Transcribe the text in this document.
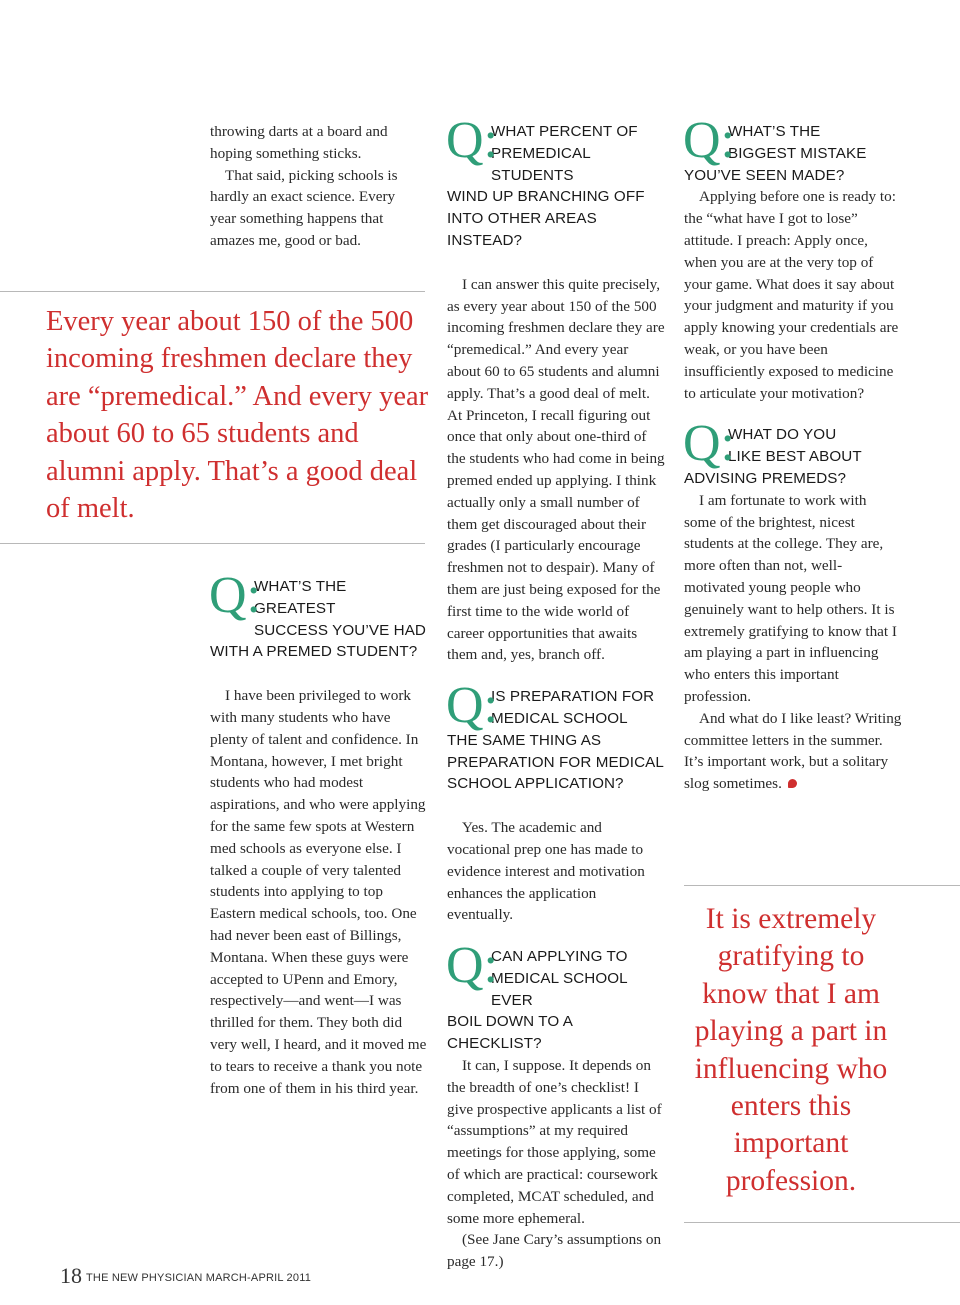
throwing darts at a board and hoping something sticks.

That said, picking schools is hardly an exact science. Every year something happens that amazes me, good or bad.

Every year about 150 of the 500 incoming freshmen declare they are “premedical.” And every year about 60 to 65 students and alumni apply. That’s a good deal of melt.
Q:
WHAT’S THE GREATEST
SUCCESS YOU’VE HAD
WITH A PREMED STUDENT?

I have been privileged to work with many students who have plenty of talent and confidence. In Montana, however, I met bright students who had modest aspirations, and who were applying for the same few spots at Western med schools as everyone else. I talked a couple of very talented students into applying to top Eastern medical schools, too. One had never been east of Billings, Montana. When these guys were accepted to UPenn and Emory, respectively—and went—I was thrilled for them. They both did very well, I heard, and it moved me to tears to receive a thank you note from one of them in his third year.

Q:
WHAT PERCENT OF
PREMEDICAL STUDENTS
WIND UP BRANCHING OFF INTO OTHER AREAS INSTEAD?

I can answer this quite precisely, as every year about 150 of the 500 incoming freshmen declare they are “premedical.” And every year about 60 to 65 students and alumni apply. That’s a good deal of melt. At Princeton, I recall figuring out once that only about one-third of the students who had come in being premed ended up applying. I think actually only a small number of them get discouraged about their grades (I particularly encourage freshmen not to despair). Many of them are just being exposed for the first time to the wide world of career opportunities that awaits them and, yes, branch off.

Q:
IS PREPARATION FOR
MEDICAL SCHOOL
THE SAME THING AS PREPARATION FOR MEDICAL SCHOOL APPLICATION?

Yes. The academic and vocational prep one has made to evidence interest and motivation enhances the application eventually.

Q:
CAN APPLYING TO
MEDICAL SCHOOL EVER
BOIL DOWN TO A CHECKLIST?

It can, I suppose. It depends on the breadth of one’s checklist! I give prospective applicants a list of “assumptions” at my required meetings for those applying, some of which are practical: coursework completed, MCAT scheduled, and some more ephemeral.

(See Jane Cary’s assumptions on page 17.)

Q:
WHAT’S THE
BIGGEST MISTAKE
YOU’VE SEEN MADE?

Applying before one is ready to: the “what have I got to lose” attitude. I preach: Apply once, when you are at the very top of your game. What does it say about your judgment and maturity if you apply knowing your credentials are weak, or you have been insufficiently exposed to medicine to articulate your motivation?

Q:
WHAT DO YOU
LIKE BEST ABOUT
ADVISING PREMEDS?

I am fortunate to work with some of the brightest, nicest students at the college. They are, more often than not, well-motivated young people who genuinely want to help others. It is extremely gratifying to know that I am playing a part in influencing who enters this important profession.

And what do I like least? Writing committee letters in the summer. It’s important work, but a solitary slog sometimes.

It is extremely gratifying to know that I am playing a part in influencing who enters this important profession.
18 THE NEW PHYSICIAN MARCH-APRIL 2011
